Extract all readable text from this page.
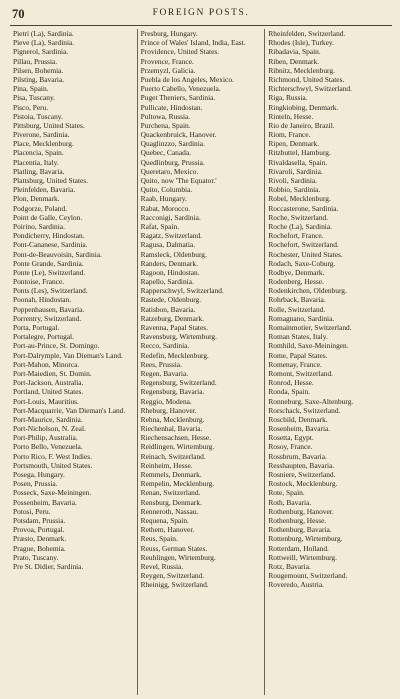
70	FOREIGN POSTS.
Pietri (La), Sardinia.
Pieve (La), Sardinia.
Pignerol, Sardinia.
Pillau, Prussia.
Pilsen, Bohemia.
Pilsting, Bavaria.
Pina, Spain.
Pisa, Tuscany.
Pisco, Peru.
Pistoia, Tuscany.
Pittsburg, United States.
Piverone, Sardinia.
Place, Mecklenburg.
Placencia, Spain.
Placentia, Italy.
Platling, Bavaria.
Plattsburg, United States.
Pleinfelden, Bavaria.
Plon, Denmark.
Podgorze, Poland.
Point de Galle, Ceylon.
Poirino, Sardinia.
Pondicherry, Hindostan.
Pont-Cananese, Sardinia.
Pont-de-Beauvoisin, Sardinia.
Ponte Grande, Sardinia.
Ponte (Le), Switzerland.
Pontoise, France.
Ponts (Les), Switzerland.
Poonah, Hindostan.
Poppenhausen, Bavaria.
Porrentry, Switzerland.
Porta, Portugal.
Portalegre, Portugal.
Port-au-Prince, St. Domingo.
Port-Dalrymple, Van Dieman's Land.
Port-Mahon, Minorca.
Port-Maiedien, St. Domin.
Port-Jackson, Australia.
Portland, United States.
Port-Louis, Mauritius.
Port-Macquarrie, Van Dieman's Land.
Port-Maurice, Sardinia.
Port-Nicholson, N. Zeal.
Port-Philip, Australia.
Porto Bello, Venezuela.
Porto Rico, F. West Indies.
Portsmouth, United States.
Posega, Hungary.
Posen, Prussia.
Posseck, Saxe-Meiningen.
Possenheim, Bavaria.
Potosi, Peru.
Potsdam, Prussia.
Provoa, Portugal.
Præsto, Denmark.
Prague, Bohemia.
Prato, Tuscany.
Pre St. Didier, Sardinia.
Presburg, Hungary.
Prince of Wales' Island, India, East.
Providence, United States.
Provence, France.
Przemyzl, Galicia.
Puebla de los Angeles, Mexico.
Puerto Cabello, Venezuela.
Puget Theniers, Sardinia.
Pullicate, Hindostan.
Pultowa, Russia.
Purchena, Spain.
Quackenbruick, Hanover.
Quaglinzzo, Sardinia.
Quebec, Canada.
Quedlinburg, Prussia.
Queretaro, Mexico.
Quito, now 'The Equator.'
Quito, Columbia.
Raab, Hungary.
Rabat, Morocco.
Racconigi, Sardinia.
Rafat, Spain.
Ragatz, Switzerland.
Ragusa, Dalmatia.
Ramsleck, Oldenburg.
Randers, Denmark.
Ragoon, Hindostan.
Rapello, Sardinia.
Rapperschwyl, Switzerland.
Rastede, Oldenburg.
Ratisbon, Bavaria.
Ratzeburg, Denmark.
Ravenna, Papal States.
Ravensburg, Wirtemburg.
Recco, Sardinia.
Redefin, Mecklenburg.
Rees, Prussia.
Regen, Bavaria.
Regensburg, Switzerland.
Regensburg, Bavaria.
Reggio, Modena.
Rheburg, Hanover.
Rehna, Mecklenburg.
Riechenhal, Bavaria.
Riechensachsen, Hesse.
Reidlingen, Wirtemburg.
Reinach, Switzerland.
Reinheim, Hesse.
Remmels, Denmark.
Rempelin, Mecklenburg.
Renan, Switzerland.
Rensburg, Denmark.
Renneroth, Nassau.
Requena, Spain.
Rethem, Hanover.
Reus, Spain.
Reuss, German States.
Reuhlingen, Wirtemburg.
Revel, Russia.
Reygen, Switzerland.
Rheinigg, Switzerland.
Rheinfelden, Switzerland.
Rhodes (Isle), Turkey.
Ribadavia, Spain.
Riben, Denmark.
Ribnitz, Mecklenburg.
Richmond, United States.
Richterschwyl, Switzerland.
Riga, Russia.
Ringkiobing, Denmark.
Rinteln, Hesse.
Rio de Janeiro, Brazil.
Riom, France.
Ripen, Denmark.
Ritzbuttel, Hamburg.
Rivaldasella, Spain.
Rivaroli, Sardinia.
Rivoli, Sardinia.
Robbio, Sardinia.
Robel, Mecklenburg.
Roccasterone, Sardinia.
Roche, Switzerland.
Roche (La), Sardinia.
Rochefort, France.
Rochefort, Switzerland.
Rochester, United States.
Rodach, Saxe-Coburg.
Rodbye, Denmark.
Rodenberg, Hesse.
Rodenkirchen, Oldenburg.
Rohrback, Bavaria.
Rolle, Switzerland.
Romagnano, Sardinia.
Romainmotier, Switzerland.
Roman States, Italy.
Romhild, Saxe-Meiningen.
Rome, Papal States.
Romenay, France.
Romont, Switzerland.
Ronrod, Hesse.
Ronda, Spain.
Ronneburg, Saxe-Altenburg.
Rorschack, Switzerland.
Roschild, Denmark.
Rosenheim, Bavaria.
Rosetta, Egypt.
Rosoy, France.
Rossbrum, Bavaria.
Resshaupten, Bavaria.
Rosniere, Switzerland.
Rostock, Mecklenburg.
Rote, Spain.
Roth, Bavaria.
Rothenburg, Hanover.
Rothenburg, Hesse.
Rothenburg, Bavaria.
Rottenburg, Wirtemburg.
Rotterdam, Holland.
Rottweill, Wirtemburg.
Rotz, Bavaria.
Rougemount, Switzerland.
Roveredo, Austria.
